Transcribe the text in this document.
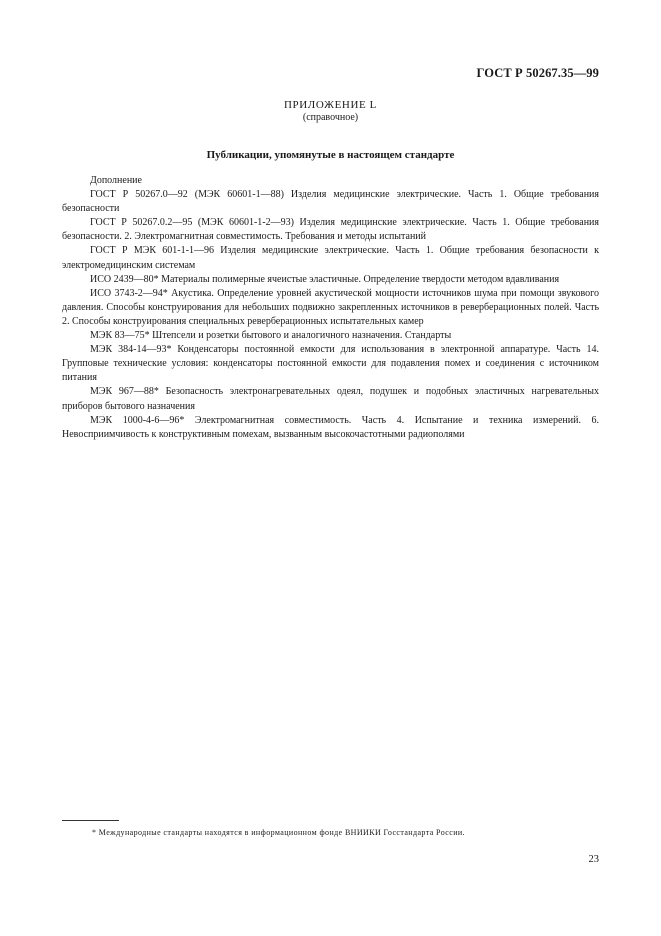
ГОСТ Р 50267.35—99
ПРИЛОЖЕНИЕ L
(справочное)
Публикации, упомянутые в настоящем стандарте

Дополнение

ГОСТ Р 50267.0—92 (МЭК 60601-1—88) Изделия медицинские электрические. Часть 1. Общие требования безопасности

ГОСТ Р 50267.0.2—95 (МЭК 60601-1-2—93) Изделия медицинские электрические. Часть 1. Общие требования безопасности. 2. Электромагнитная совместимость. Требования и методы испытаний

ГОСТ Р МЭК 601-1-1—96 Изделия медицинские электрические. Часть 1. Общие требования безопасности к электромедицинским системам

ИСО 2439—80* Материалы полимерные ячеистые эластичные. Определение твердости методом вдавливания

ИСО 3743-2—94* Акустика. Определение уровней акустической мощности источников шума при помощи звукового давления. Способы конструирования для небольших подвижно закрепленных источников в реверберационных полей. Часть 2. Способы конструирования специальных реверберационных испытательных камер

МЭК 83—75* Штепсели и розетки бытового и аналогичного назначения. Стандарты

МЭК 384-14—93* Конденсаторы постоянной емкости для использования в электронной аппаратуре. Часть 14. Групповые технические условия: конденсаторы постоянной емкости для подавления помех и соединения с источником питания

МЭК 967—88* Безопасность электронагревательных одеял, подушек и подобных эластичных нагревательных приборов бытового назначения

МЭК 1000-4-6—96* Электромагнитная совместимость. Часть 4. Испытание и техника измерений. 6. Невосприимчивость к конструктивным помехам, вызванным высокочастотными радиополями

* Международные стандарты находятся в информационном фонде ВНИИКИ Госстандарта России.
23
